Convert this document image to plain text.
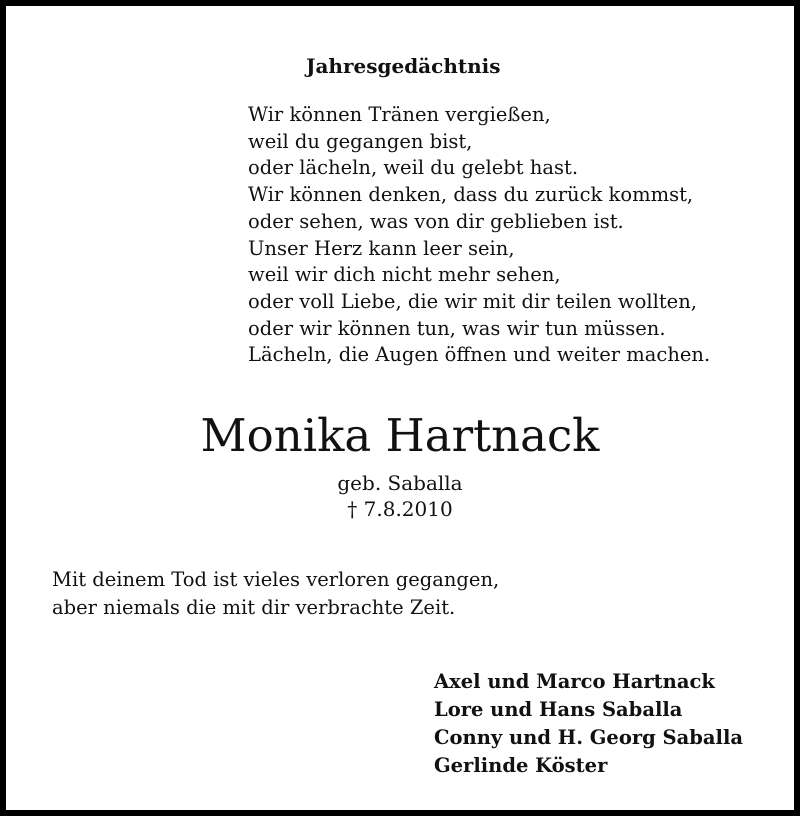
Jahresgedächtnis
Wir können Tränen vergießen,
weil du gegangen bist,
oder lächeln, weil du gelebt hast.
Wir können denken, dass du zurück kommst,
oder sehen, was von dir geblieben ist.
Unser Herz kann leer sein,
weil wir dich nicht mehr sehen,
oder voll Liebe, die wir mit dir teilen wollten,
oder wir können tun, was wir tun müssen.
Lächeln, die Augen öffnen und weiter machen.
Monika Hartnack
geb. Saballa
† 7.8.2010
Mit deinem Tod ist vieles verloren gegangen,
aber niemals die mit dir verbrachte Zeit.
Axel und Marco Hartnack
Lore und Hans Saballa
Conny und H. Georg Saballa
Gerlinde Köster
